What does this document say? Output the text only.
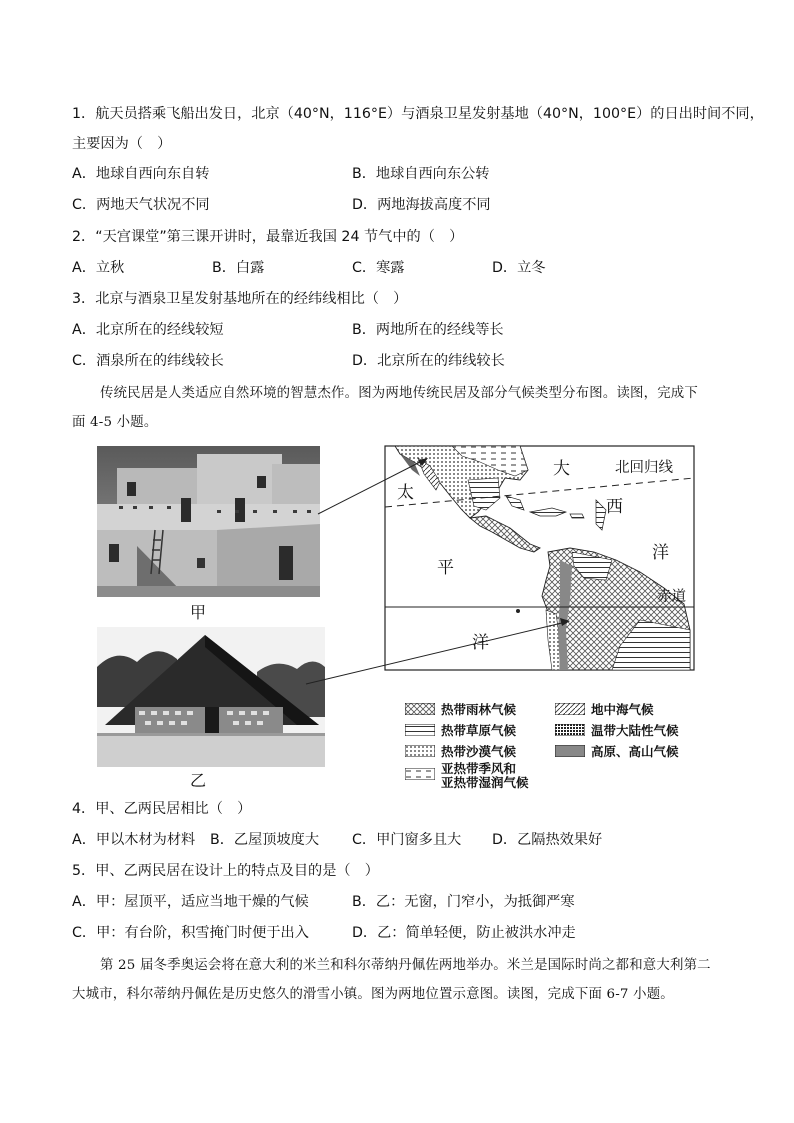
1．航天员搭乘飞船出发日，北京（40°N，116°E）与酒泉卫星发射基地（40°N，100°E）的日出时间不同，
主要因为（　）
A．地球自西向东自转	B．地球自西向东公转
C．两地天气状况不同	D．两地海拔高度不同
2．“天宫课堂”第三课开讲时，最靠近我国 24 节气中的（　）
A．立秋	B．白露	C．寒露	D．立冬
3．北京与酒泉卫星发射基地所在的经纬线相比（　）
A．北京所在的经线较短	B．两地所在的经线等长
C．酒泉所在的纬线较长	D．北京所在的纬线较长
传统民居是人类适应自然环境的智慧杰作。图为两地传统民居及部分气候类型分布图。读图，完成下
面 4-5 小题。
甲
乙
大
太
西
洋
平
洋
北回归线
赤道
热带雨林气候	地中海气候
热带草原气候	温带大陆性气候
热带沙漠气候	高原、高山气候
亚热带季风和
亚热带湿润气候
4．甲、乙两民居相比（　）
A．甲以木材为材料 B．乙屋顶坡度大 C．甲门窗多且大 D．乙隔热效果好
5．甲、乙两民居在设计上的特点及目的是（　）
A．甲：屋顶平，适应当地干燥的气候	B．乙：无窗，门窄小，为抵御严寒
C．甲：有台阶，积雪掩门时便于出入	D．乙：简单轻便，防止被洪水冲走
第 25 届冬季奥运会将在意大利的米兰和科尔蒂纳丹佩佐两地举办。米兰是国际时尚之都和意大利第二
大城市，科尔蒂纳丹佩佐是历史悠久的滑雪小镇。图为两地位置示意图。读图，完成下面 6-7 小题。
